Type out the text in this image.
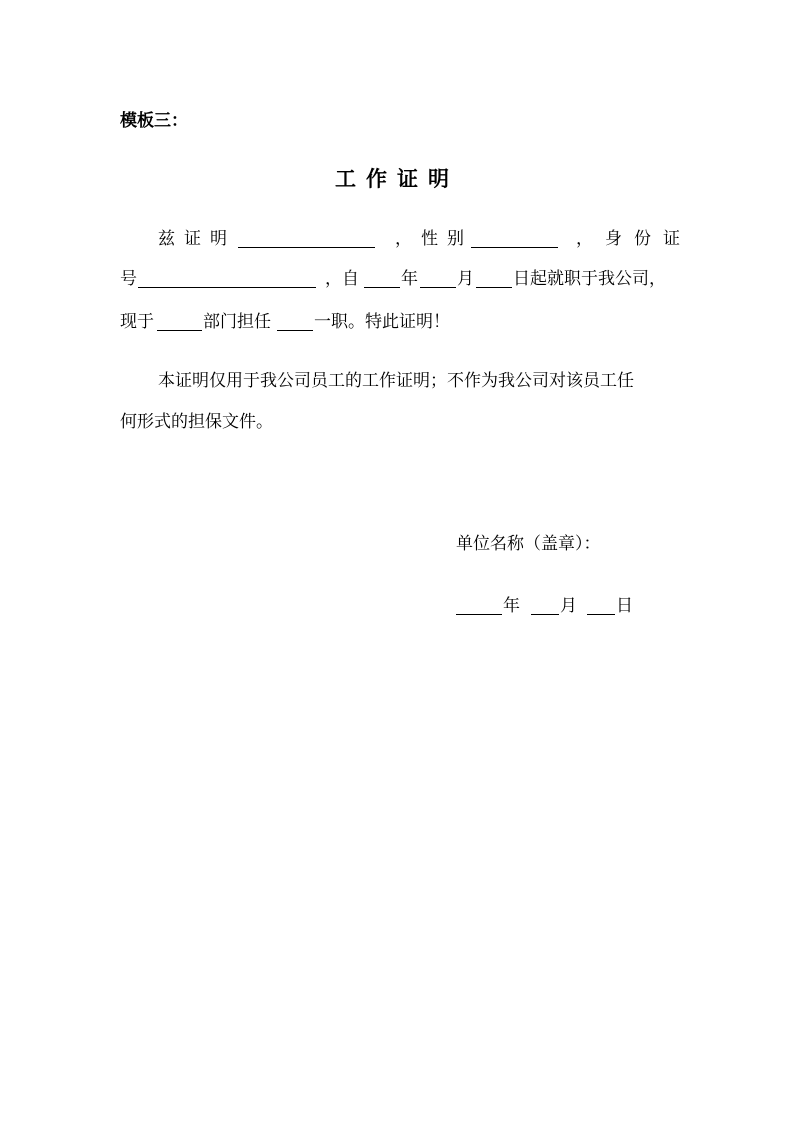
模板三：
工作证明
兹证明	，性别	，身份证
号	，自 年 月 日起就职于我公司，
现于	部门担任	一职。特此证明！
本证明仅用于我公司员工的工作证明；不作为我公司对该员工任
何形式的担保文件。
单位名称（盖章）：
年 月 日
